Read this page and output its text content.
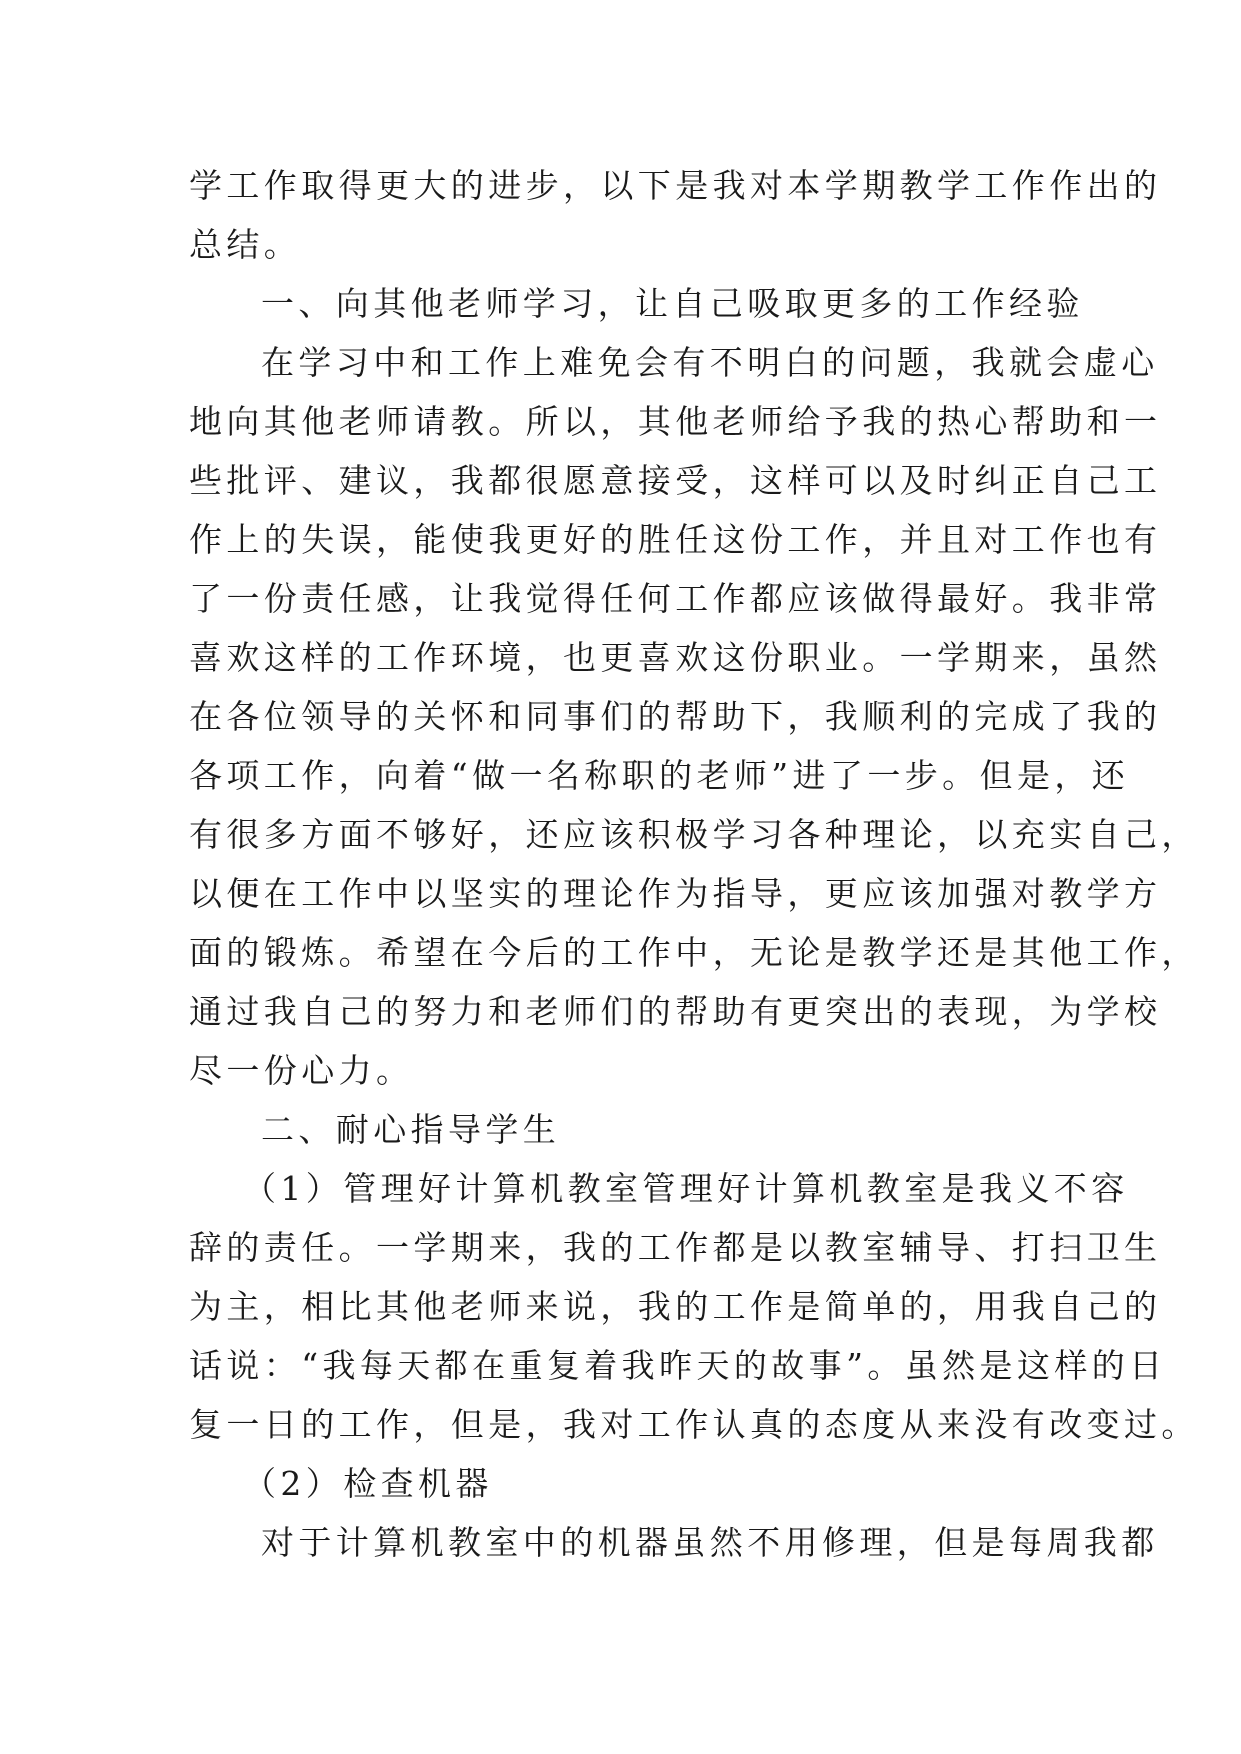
学工作取得更大的进步，以下是我对本学期教学工作作出的
总结。
一、向其他老师学习，让自己吸取更多的工作经验
在学习中和工作上难免会有不明白的问题，我就会虚心
地向其他老师请教。所以，其他老师给予我的热心帮助和一
些批评、建议，我都很愿意接受，这样可以及时纠正自己工
作上的失误，能使我更好的胜任这份工作，并且对工作也有
了一份责任感，让我觉得任何工作都应该做得最好。我非常
喜欢这样的工作环境，也更喜欢这份职业。一学期来，虽然
在各位领导的关怀和同事们的帮助下，我顺利的完成了我的
各项工作，向着“做一名称职的老师”进了一步。但是，还
有很多方面不够好，还应该积极学习各种理论，以充实自己，
以便在工作中以坚实的理论作为指导，更应该加强对教学方
面的锻炼。希望在今后的工作中，无论是教学还是其他工作，
通过我自己的努力和老师们的帮助有更突出的表现，为学校
尽一份心力。
二、耐心指导学生
（1）管理好计算机教室管理好计算机教室是我义不容
辞的责任。一学期来，我的工作都是以教室辅导、打扫卫生
为主，相比其他老师来说，我的工作是简单的，用我自己的
话说：“我每天都在重复着我昨天的故事”。虽然是这样的日
复一日的工作，但是，我对工作认真的态度从来没有改变过。
（2）检查机器
对于计算机教室中的机器虽然不用修理，但是每周我都
